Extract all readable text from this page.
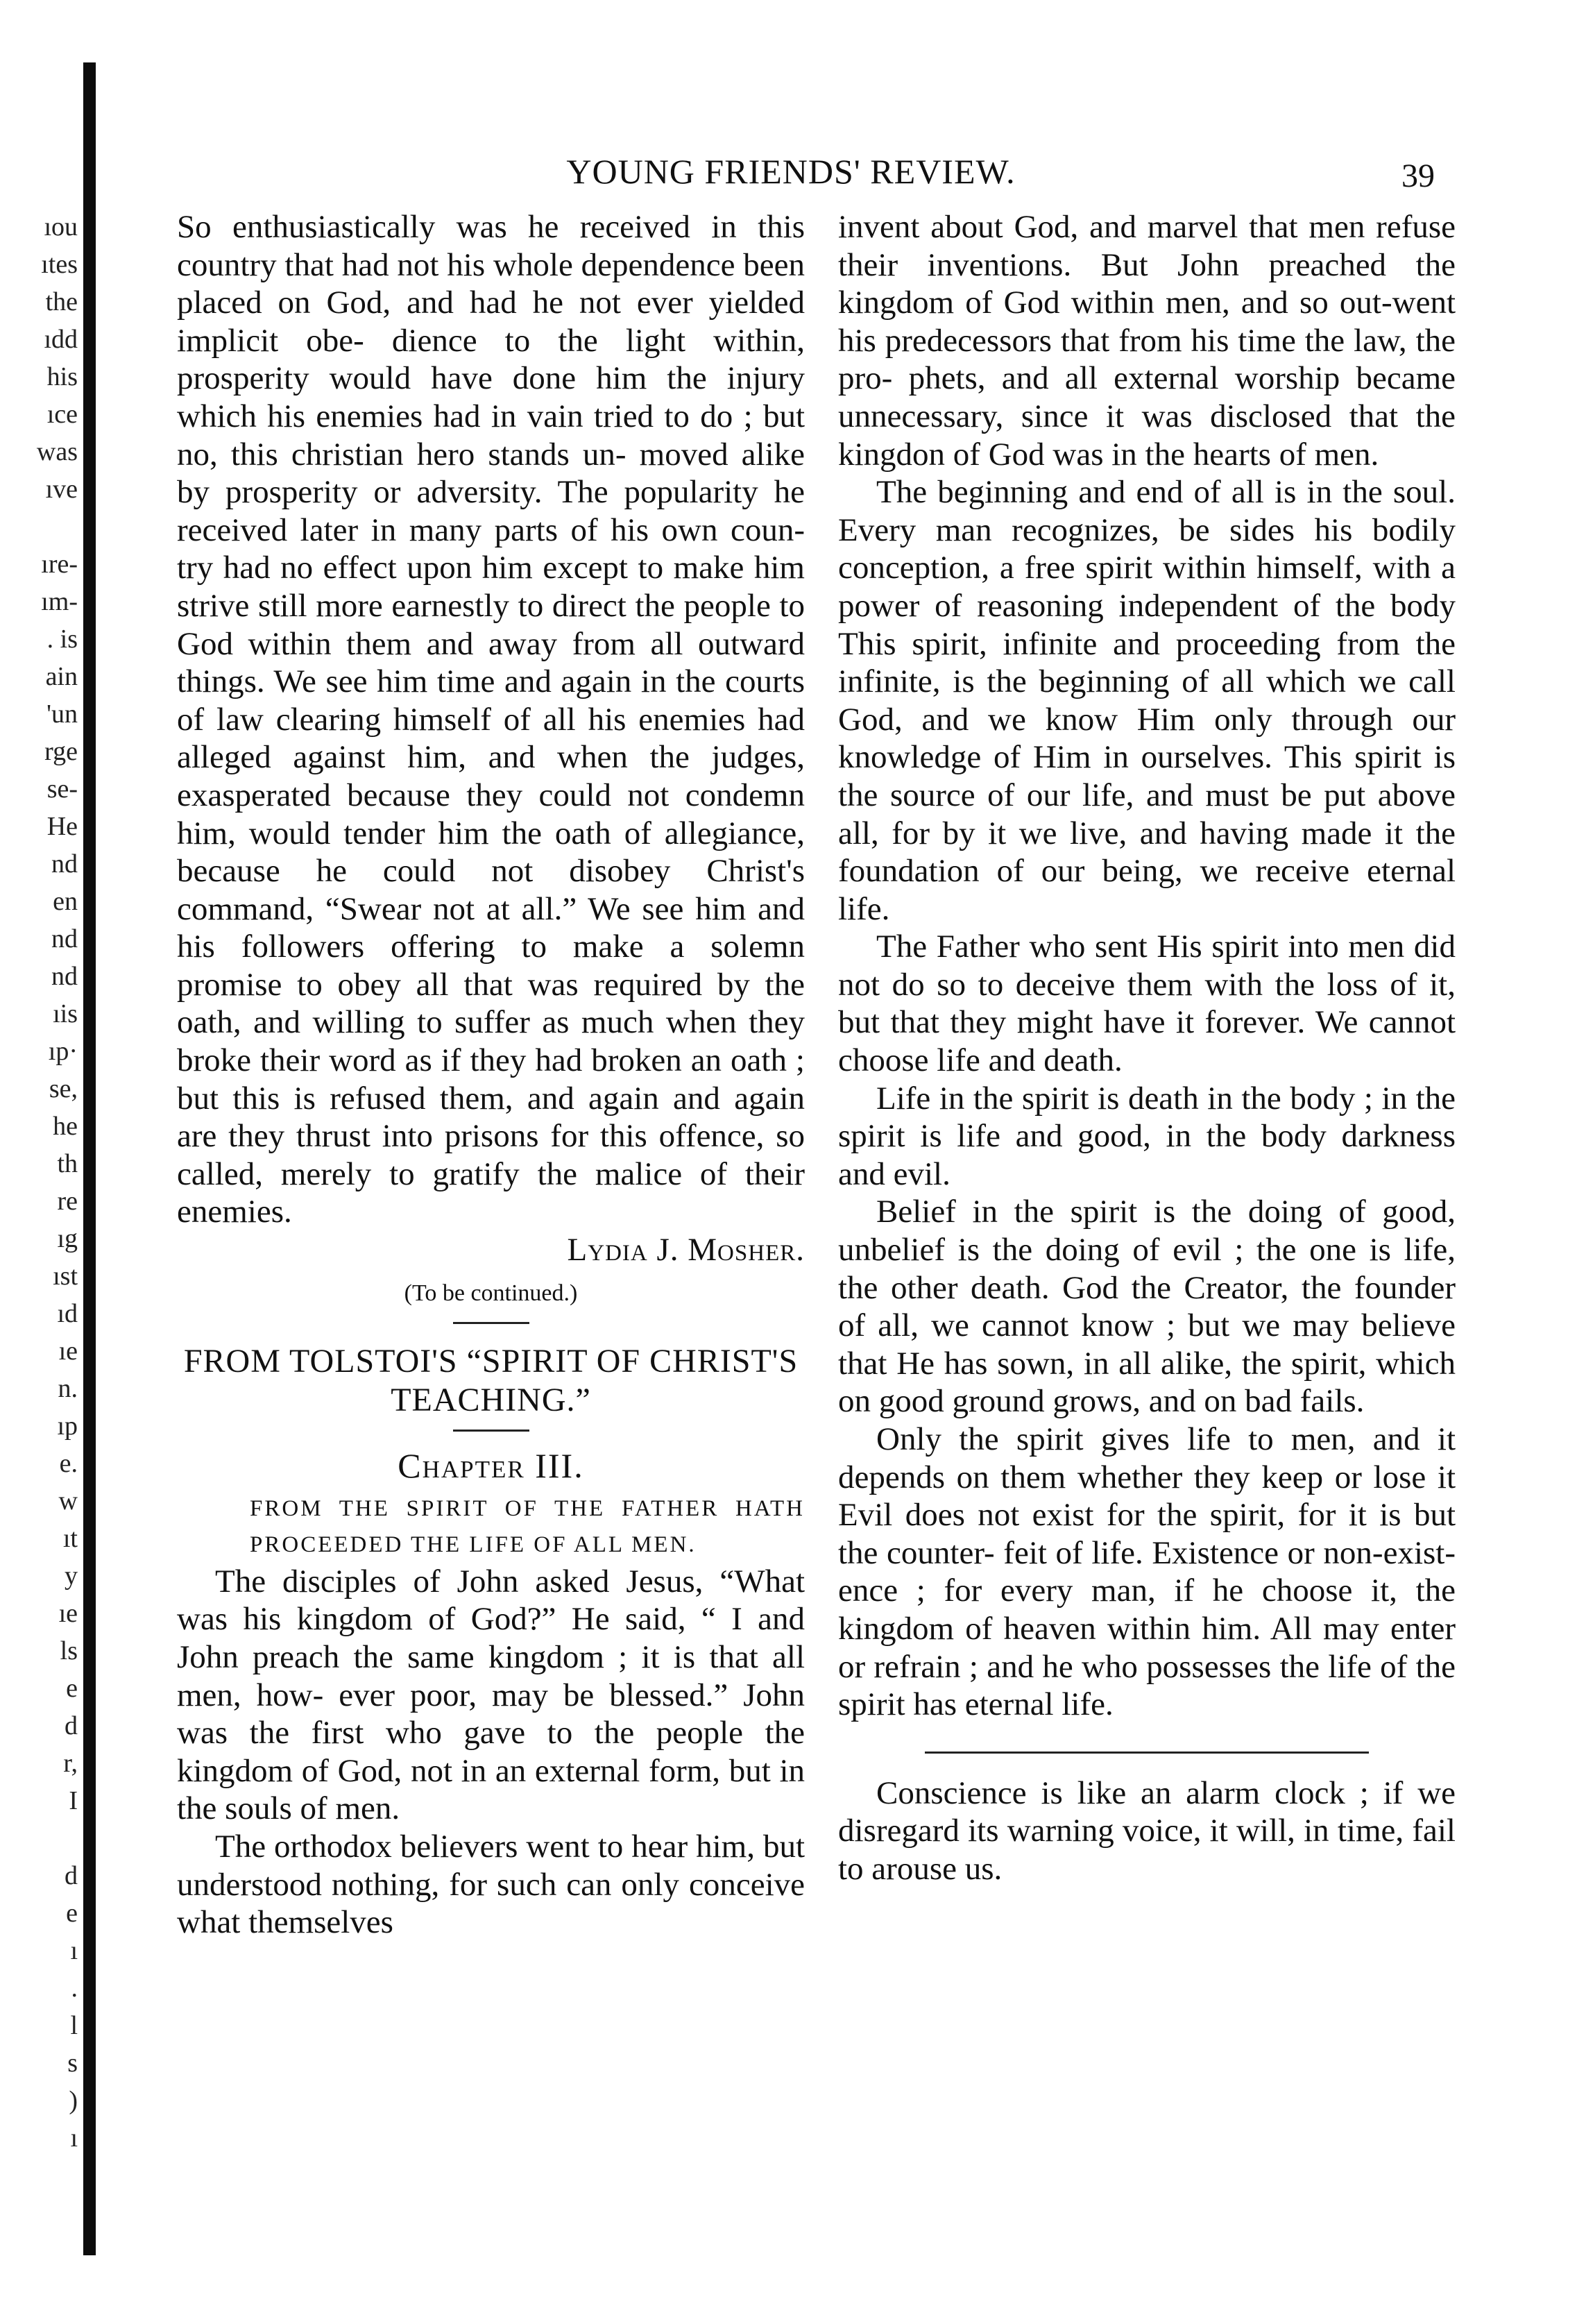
ıou
ıtes
the
ıdd
his
ıce
was
ıve

ıre-
ım-
. is
ain
'un
rge
se-
He
nd
en
nd
nd
ıis
ıp·
se,
he
th
re
ıg
ıst
ıd
ıe
n.
ıp
e.
w
ıt
y
ıe
ls
e
d
r,
I

d
e
ı
.
l
s
)
ı
YOUNG FRIENDS' REVIEW.	39

So enthusiastically was he received in this country that had not his whole dependence been placed on God, and had he not ever yielded implicit obe- dience to the light within, prosperity would have done him the injury which his enemies had in vain tried to do ; but no, this christian hero stands un- moved alike by prosperity or adversity. The popularity he received later in many parts of his own coun- try had no effect upon him except to make him strive still more earnestly to direct the people to God within them and away from all outward things. We see him time and again in the courts of law clearing himself of all his enemies had alleged against him, and when the judges, exasperated because they could not condemn him, would tender him the oath of allegiance, because he could not disobey Christ's command, “Swear not at all.” We see him and his followers offering to make a solemn promise to obey all that was required by the oath, and willing to suffer as much when they broke their word as if they had broken an oath ; but this is refused them, and again and again are they thrust into prisons for this offence, so called, merely to gratify the malice of their enemies.

Lydia J. Mosher.

(To be continued.)
FROM TOLSTOI'S “SPIRIT OF CHRIST'S TEACHING.”
Chapter III.

FROM THE SPIRIT OF THE FATHER HATH PROCEEDED THE LIFE OF ALL MEN.

The disciples of John asked Jesus, “What was his kingdom of God?” He said, “ I and John preach the same kingdom ; it is that all men, how- ever poor, may be blessed.” John was the first who gave to the people the kingdom of God, not in an external form, but in the souls of men.

The orthodox believers went to hear him, but understood nothing, for such can only conceive what themselves

invent about God, and marvel that men refuse their inventions. But John preached the kingdom of God within men, and so out-went his predecessors that from his time the law, the pro- phets, and all external worship became unnecessary, since it was disclosed that the kingdon of God was in the hearts of men.

The beginning and end of all is in the soul. Every man recognizes, be sides his bodily conception, a free spirit within himself, with a power of reasoning independent of the body This spirit, infinite and proceeding from the infinite, is the beginning of all which we call God, and we know Him only through our knowledge of Him in ourselves. This spirit is the source of our life, and must be put above all, for by it we live, and having made it the foundation of our being, we receive eternal life.

The Father who sent His spirit into men did not do so to deceive them with the loss of it, but that they might have it forever. We cannot choose life and death.

Life in the spirit is death in the body ; in the spirit is life and good, in the body darkness and evil.

Belief in the spirit is the doing of good, unbelief is the doing of evil ; the one is life, the other death. God the Creator, the founder of all, we cannot know ; but we may believe that He has sown, in all alike, the spirit, which on good ground grows, and on bad fails.

Only the spirit gives life to men, and it depends on them whether they keep or lose it Evil does not exist for the spirit, for it is but the counter- feit of life. Existence or non-exist- ence ; for every man, if he choose it, the kingdom of heaven within him. All may enter or refrain ; and he who possesses the life of the spirit has eternal life.

Conscience is like an alarm clock ; if we disregard its warning voice, it will, in time, fail to arouse us.
